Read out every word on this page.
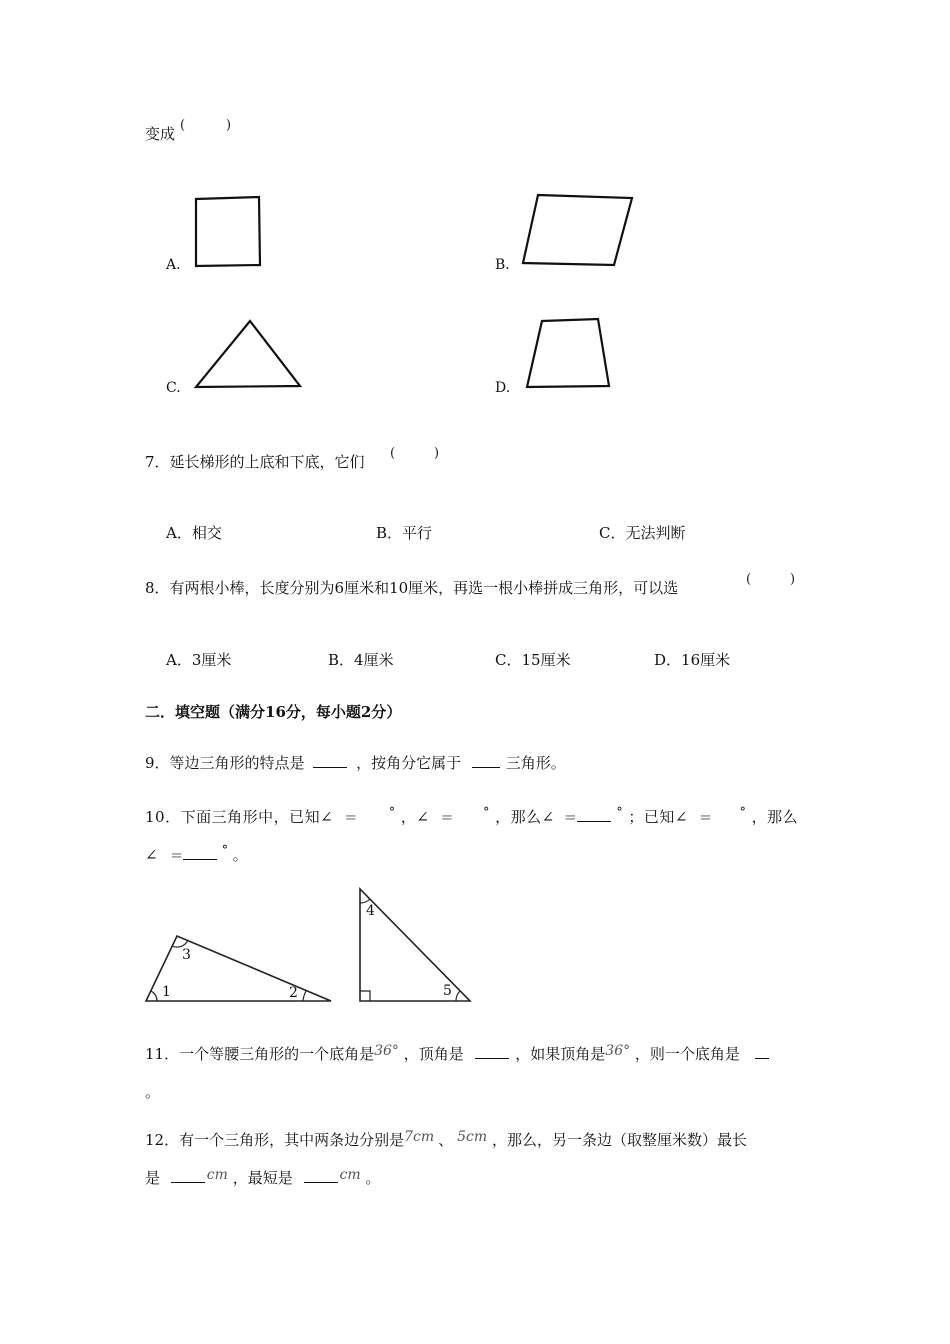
变成 (	)
A.	B.
C.	D.
7．延长梯形的上底和下底，它们 (	)
A．相交	B．平行	C．无法判断
8．有两根小棒，长度分别为6厘米和10厘米，再选一根小棒拼成三角形，可以选	(	)
A．3厘米	B．4厘米	C．15厘米	D．16厘米
二．填空题（满分16分，每小题2分）
9．等边三角形的特点是	，按角分它属于	三角形。
10．下面三角形中，已知∠ =	° ，∠ = ° ，那么∠ =	° ；已知∠ = ° ，那么
∠ =	° 。
1	2
3
4
5
11．一个等腰三角形的一个底角是36° ，顶角是	，如果顶角是36° ，则一个底角是
。
12．有一个三角形，其中两条边分别是7cm 、 5cm ，那么，另一条边（取整厘米数）最长
是	cm ，最短是	cm 。
